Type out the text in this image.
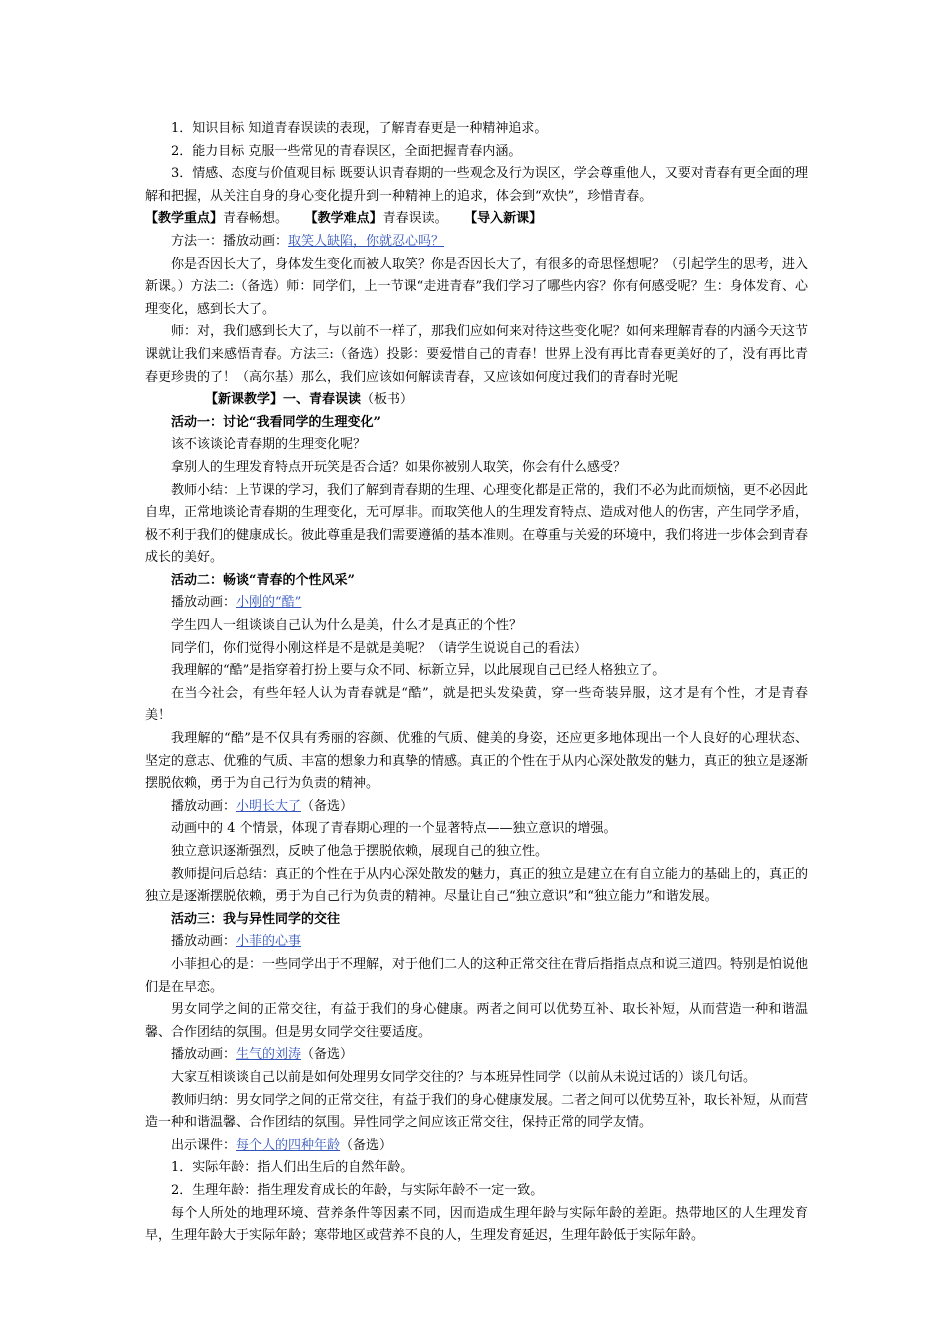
1．知识目标 知道青春误读的表现，了解青春更是一种精神追求。

2．能力目标 克服一些常见的青春误区，全面把握青春内涵。

3．情感、态度与价值观目标 既要认识青春期的一些观念及行为误区，学会尊重他人，又要对青春有更全面的理解和把握，从关注自身的身心变化提升到一种精神上的追求，体会到“欢快”，珍惜青春。

【教学重点】青春畅想。 【教学难点】青春误读。 【导入新课】

方法一：播放动画：取笑人缺陷，你就忍心吗？

你是否因长大了，身体发生变化而被人取笑？你是否因长大了，有很多的奇思怪想呢？（引起学生的思考，进入新课。）方法二:（备选）师：同学们，上一节课“走进青春”我们学习了哪些内容？你有何感受呢？生：身体发育、心理变化，感到长大了。

师：对，我们感到长大了，与以前不一样了，那我们应如何来对待这些变化呢？如何来理解青春的内涵今天这节课就让我们来感悟青春。方法三:（备选）投影：要爱惜自己的青春！世界上没有再比青春更美好的了，没有再比青春更珍贵的了！（高尔基）那么，我们应该如何解读青春，又应该如何度过我们的青春时光呢

【新课教学】一、青春误读（板书）

活动一：讨论“我看同学的生理变化”

该不该谈论青春期的生理变化呢？

拿别人的生理发育特点开玩笑是否合适？如果你被别人取笑，你会有什么感受？

教师小结：上节课的学习，我们了解到青春期的生理、心理变化都是正常的，我们不必为此而烦恼，更不必因此自卑，正常地谈论青春期的生理变化，无可厚非。而取笑他人的生理发育特点、造成对他人的伤害，产生同学矛盾，极不利于我们的健康成长。彼此尊重是我们需要遵循的基本准则。在尊重与关爱的环境中，我们将进一步体会到青春成长的美好。

活动二：畅谈“青春的个性风采”

播放动画：小刚的“酷”

学生四人一组谈谈自己认为什么是美，什么才是真正的个性？

同学们，你们觉得小刚这样是不是就是美呢？（请学生说说自己的看法）

我理解的“酷”是指穿着打扮上要与众不同、标新立异，以此展现自己已经人格独立了。

在当今社会，有些年轻人认为青春就是“酷”，就是把头发染黄，穿一些奇装异服，这才是有个性，才是青春美！

我理解的“酷”是不仅具有秀丽的容颜、优雅的气质、健美的身姿，还应更多地体现出一个人良好的心理状态、坚定的意志、优雅的气质、丰富的想象力和真挚的情感。真正的个性在于从内心深处散发的魅力，真正的独立是逐渐摆脱依赖，勇于为自己行为负责的精神。

播放动画：小明长大了（备选）

动画中的 4 个情景，体现了青春期心理的一个显著特点——独立意识的增强。

独立意识逐渐强烈，反映了他急于摆脱依赖，展现自己的独立性。

教师提问后总结：真正的个性在于从内心深处散发的魅力，真正的独立是建立在有自立能力的基础上的，真正的独立是逐渐摆脱依赖，勇于为自己行为负责的精神。尽量让自己“独立意识”和“独立能力”和谐发展。

活动三：我与异性同学的交往

播放动画：小菲的心事

小菲担心的是：一些同学出于不理解，对于他们二人的这种正常交往在背后指指点点和说三道四。特别是怕说他们是在早恋。

男女同学之间的正常交往，有益于我们的身心健康。两者之间可以优势互补、取长补短，从而营造一种和谐温馨、合作团结的氛围。但是男女同学交往要适度。

播放动画：生气的刘涛（备选）

大家互相谈谈自己以前是如何处理男女同学交往的？与本班异性同学（以前从未说过话的）谈几句话。

教师归纳：男女同学之间的正常交往，有益于我们的身心健康发展。二者之间可以优势互补，取长补短，从而营造一种和谐温馨、合作团结的氛围。异性同学之间应该正常交往，保持正常的同学友情。

出示课件：每个人的四种年龄（备选）

1．实际年龄：指人们出生后的自然年龄。

2．生理年龄：指生理发育成长的年龄，与实际年龄不一定一致。

每个人所处的地理环境、营养条件等因素不同，因而造成生理年龄与实际年龄的差距。热带地区的人生理发育早，生理年龄大于实际年龄；寒带地区或营养不良的人，生理发育延迟，生理年龄低于实际年龄。
